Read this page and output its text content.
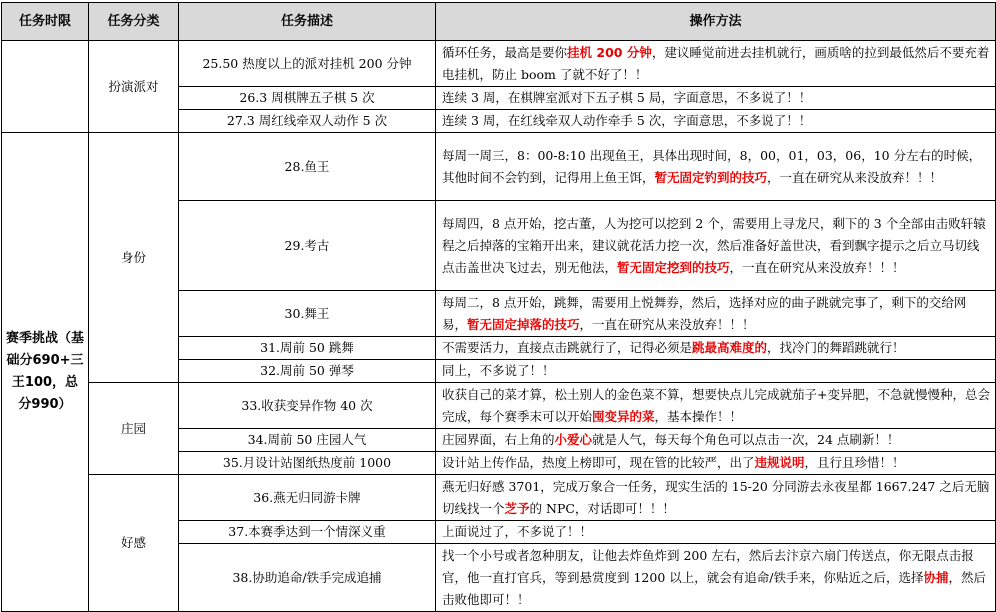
任务时限	任务分类	任务描述	操作方法
	扮演派对	25.50 热度以上的派对挂机 200 分钟	循环任务，最高是要你挂机 200 分钟，建议睡觉前进去挂机就行，画质啥的拉到最低然后不要充着电挂机，防止 boom 了就不好了！！
		26.3 周棋牌五子棋 5 次	连续 3 周，在棋牌室派对下五子棋 5 局，字面意思，不多说了！！
		27.3 周红线牵双人动作 5 次	连续 3 周，在红线牵双人动作牵手 5 次，字面意思，不多说了！！
赛季挑战（基础分690+三王100，总分990）	身份	28.鱼王	每周一周三，8：00-8:10 出现鱼王，具体出现时间，8，00，01，03，06，10 分左右的时候，其他时间不会钓到，记得用上鱼王饵，暂无固定钓到的技巧，一直在研究从来没放弃！！！
		29.考古	每周四，8 点开始，挖古董，人为挖可以挖到 2 个，需要用上寻龙尺，剩下的 3 个全部由击败轩辕程之后掉落的宝箱开出来，建议就花活力挖一次，然后准备好盖世决，看到飘字提示之后立马切线点击盖世决飞过去，别无他法，暂无固定挖到的技巧，一直在研究从来没放弃！！！
		30.舞王	每周二，8 点开始，跳舞，需要用上悦舞券，然后，选择对应的曲子跳就完事了，剩下的交给网易，暂无固定掉落的技巧，一直在研究从来没放弃！！！
		31.周前 50 跳舞	不需要活力，直接点击跳就行了，记得必须是跳最高难度的，找冷门的舞蹈跳就行！
		32.周前 50 弹琴	同上，不多说了！！
	庄园	33.收获变异作物 40 次	收获自己的菜才算，松土别人的金色菜不算，想要快点儿完成就茄子+变异肥，不急就慢慢种，总会完成，每个赛季末可以开始囤变异的菜，基本操作！！
		34.周前 50 庄园人气	庄园界面，右上角的小爱心就是人气，每天每个角色可以点击一次，24 点刷新！！
		35.月设计站图纸热度前 1000	设计站上传作品，热度上榜即可，现在管的比较严，出了违规说明，且行且珍惜！！
	好感	36.燕无归同游卡牌	燕无归好感 3701，完成万象合一任务，现实生活的 15-20 分同游去永夜星都 1667.247 之后无脑切线找一个芝予的 NPC，对话即可！！！
		37.本赛季达到一个情深义重	上面说过了，不多说了！！
		38.协助追命/铁手完成追捕	找一个小号或者忽种朋友，让他去炸鱼炸到 200 左右，然后去汴京六扇门传送点，你无限点击报官，他一直打官兵，等到悬赏度到 1200 以上，就会有追命/铁手来，你贴近之后，选择协捕，然后击败他即可！！
